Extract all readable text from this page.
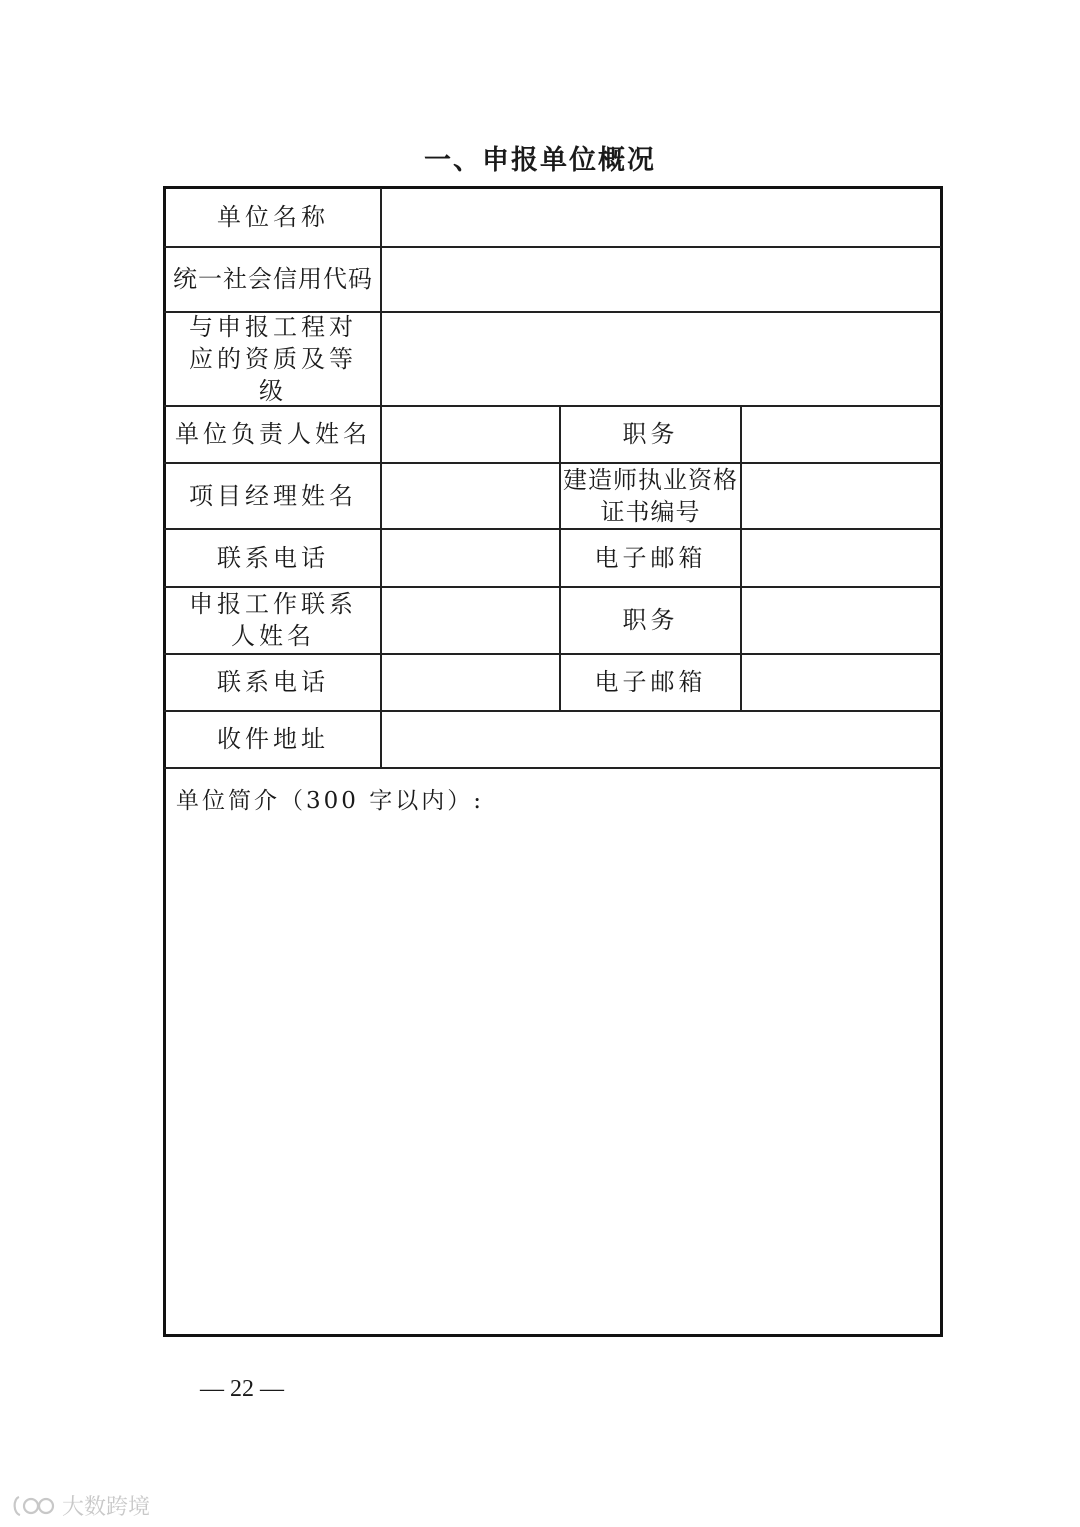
一、申报单位概况
单位名称
统一社会信用代码
与申报工程对应的资质及等级
单位负责人姓名
项目经理姓名
联系电话
申报工作联系人姓名
联系电话
收件地址
职务
建造师执业资格证书编号
电子邮箱
职务
电子邮箱
单位简介（300 字以内）:
— 22 —
大数跨境
